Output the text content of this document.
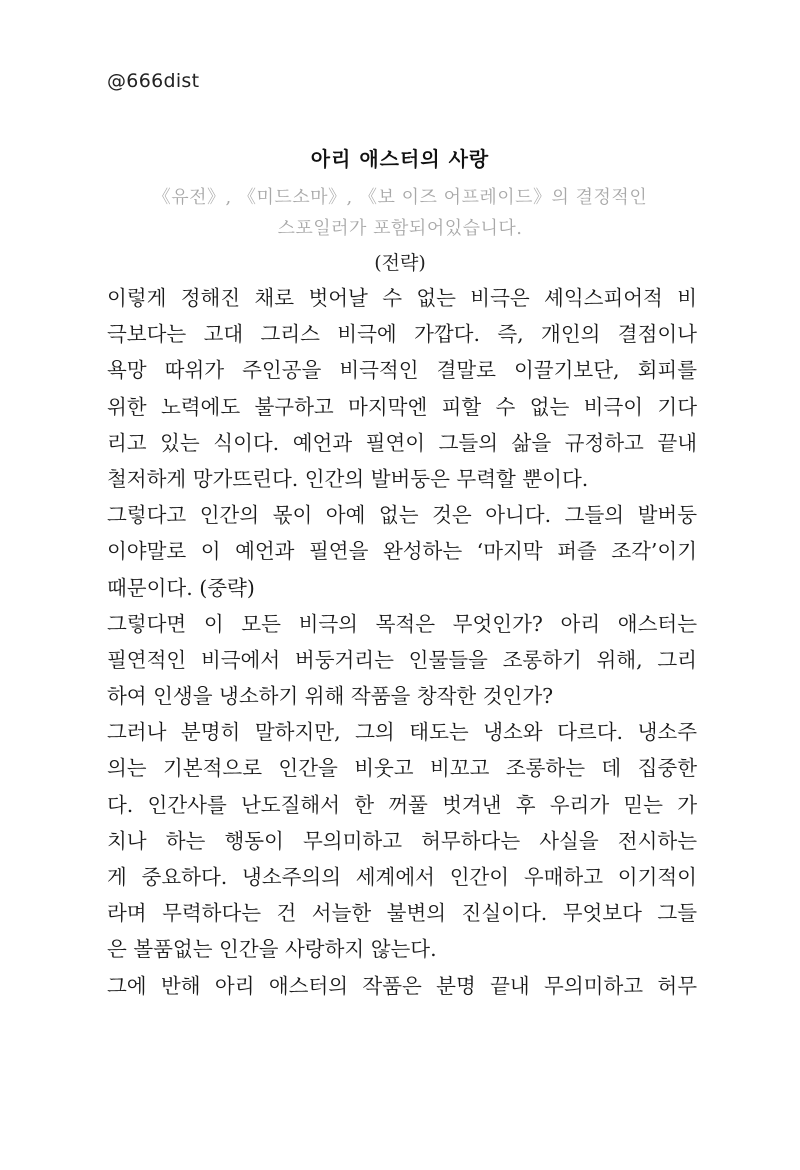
@666dist
아리 애스터의 사랑
《유전》, 《미드소마》, 《보 이즈 어프레이드》의 결정적인
스포일러가 포함되어있습니다.
(전략)
이렇게 정해진 채로 벗어날 수 없는 비극은 셰익스피어적 비
극보다는 고대 그리스 비극에 가깝다. 즉, 개인의 결점이나
욕망 따위가 주인공을 비극적인 결말로 이끌기보단, 회피를
위한 노력에도 불구하고 마지막엔 피할 수 없는 비극이 기다
리고 있는 식이다. 예언과 필연이 그들의 삶을 규정하고 끝내
철저하게 망가뜨린다. 인간의 발버둥은 무력할 뿐이다.
그렇다고 인간의 몫이 아예 없는 것은 아니다. 그들의 발버둥
이야말로 이 예언과 필연을 완성하는 ‘마지막 퍼즐 조각’이기
때문이다. (중략)
그렇다면 이 모든 비극의 목적은 무엇인가? 아리 애스터는
필연적인 비극에서 버둥거리는 인물들을 조롱하기 위해, 그리
하여 인생을 냉소하기 위해 작품을 창작한 것인가?
그러나 분명히 말하지만, 그의 태도는 냉소와 다르다. 냉소주
의는 기본적으로 인간을 비웃고 비꼬고 조롱하는 데 집중한
다. 인간사를 난도질해서 한 꺼풀 벗겨낸 후 우리가 믿는 가
치나 하는 행동이 무의미하고 허무하다는 사실을 전시하는
게 중요하다. 냉소주의의 세계에서 인간이 우매하고 이기적이
라며 무력하다는 건 서늘한 불변의 진실이다. 무엇보다 그들
은 볼품없는 인간을 사랑하지 않는다.
그에 반해 아리 애스터의 작품은 분명 끝내 무의미하고 허무
